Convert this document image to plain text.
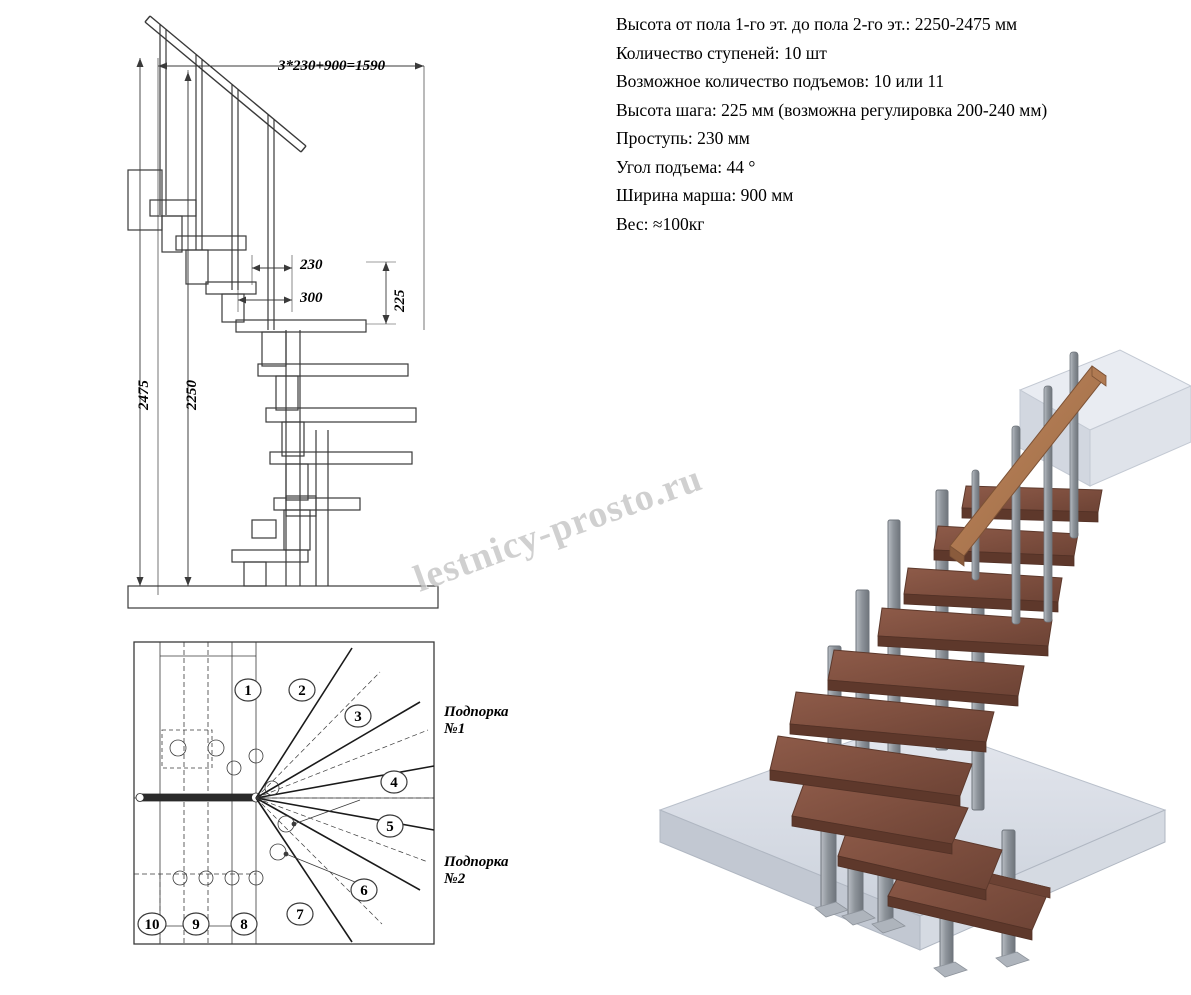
Высота от пола 1-го эт. до пола 2-го эт.: 2250-2475 мм
Количество ступеней: 10 шт
Возможное количество подъемов: 10 или 11
Высота шага: 225 мм (возможна регулировка 200-240 мм)
Проступь: 230 мм
Угол подъема: 44 °
Ширина марша: 900 мм
Вес: ≈100кг
3*230+900=1590
230
300	225
2475 2250
1	2
3
4
5
6
7
8
9
10
Подпорка
№1
Подпорка
№2
lestnicy-prosto.ru
